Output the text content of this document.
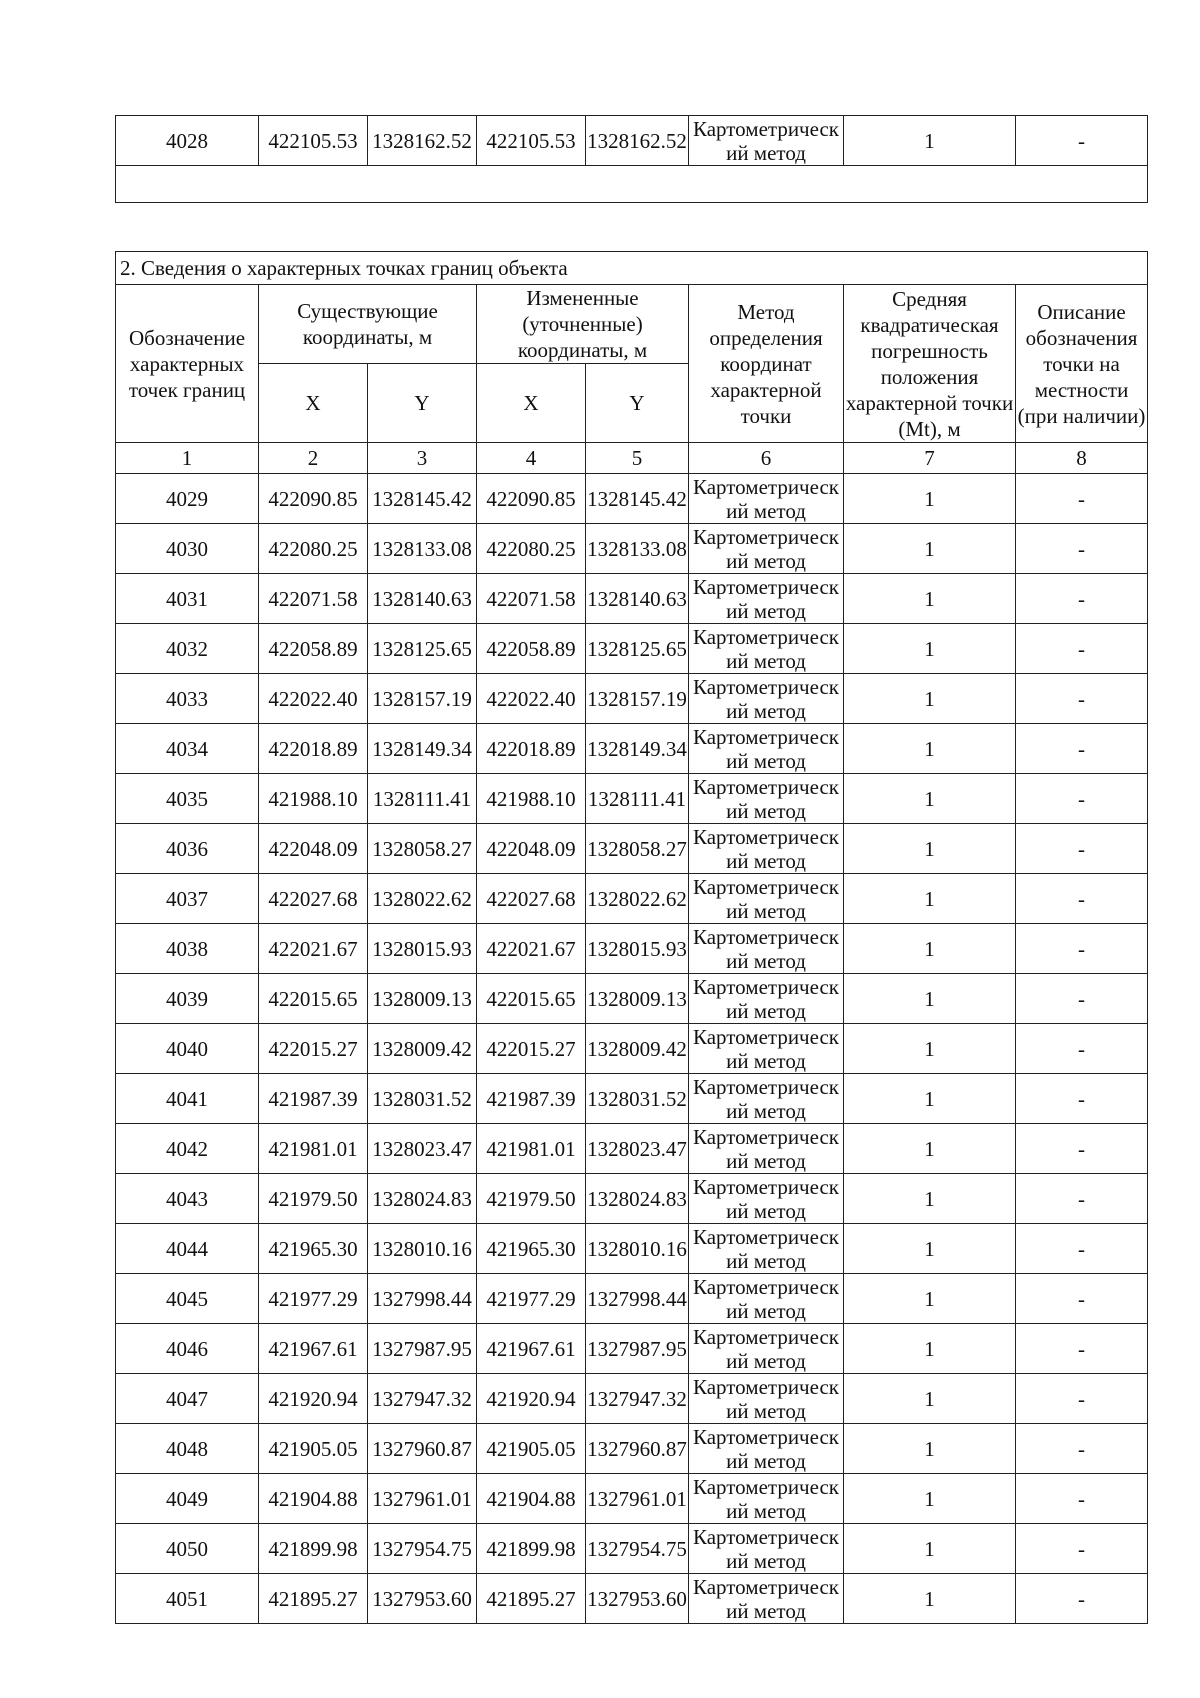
4028	422105.53	1328162.52	422105.53	1328162.52	Картометрический метод	1	-

2. Сведения о характерных точках границ объекта							
Обозначение характерных точек границ	Существующие координаты, м		Измененные (уточненные) координаты, м		Метод определения координат характерной точки	Средняя квадратическая погрешность положения характерной точки (Mt), м	Описание обозначения точки на местности (при наличии)
	X	Y	X	Y			
1	2	3	4	5	6	7	8
4029	422090.85	1328145.42	422090.85	1328145.42	Картометрический метод	1	-
4030	422080.25	1328133.08	422080.25	1328133.08	Картометрический метод	1	-
4031	422071.58	1328140.63	422071.58	1328140.63	Картометрический метод	1	-
4032	422058.89	1328125.65	422058.89	1328125.65	Картометрический метод	1	-
4033	422022.40	1328157.19	422022.40	1328157.19	Картометрический метод	1	-
4034	422018.89	1328149.34	422018.89	1328149.34	Картометрический метод	1	-
4035	421988.10	1328111.41	421988.10	1328111.41	Картометрический метод	1	-
4036	422048.09	1328058.27	422048.09	1328058.27	Картометрический метод	1	-
4037	422027.68	1328022.62	422027.68	1328022.62	Картометрический метод	1	-
4038	422021.67	1328015.93	422021.67	1328015.93	Картометрический метод	1	-
4039	422015.65	1328009.13	422015.65	1328009.13	Картометрический метод	1	-
4040	422015.27	1328009.42	422015.27	1328009.42	Картометрический метод	1	-
4041	421987.39	1328031.52	421987.39	1328031.52	Картометрический метод	1	-
4042	421981.01	1328023.47	421981.01	1328023.47	Картометрический метод	1	-
4043	421979.50	1328024.83	421979.50	1328024.83	Картометрический метод	1	-
4044	421965.30	1328010.16	421965.30	1328010.16	Картометрический метод	1	-
4045	421977.29	1327998.44	421977.29	1327998.44	Картометрический метод	1	-
4046	421967.61	1327987.95	421967.61	1327987.95	Картометрический метод	1	-
4047	421920.94	1327947.32	421920.94	1327947.32	Картометрический метод	1	-
4048	421905.05	1327960.87	421905.05	1327960.87	Картометрический метод	1	-
4049	421904.88	1327961.01	421904.88	1327961.01	Картометрический метод	1	-
4050	421899.98	1327954.75	421899.98	1327954.75	Картометрический метод	1	-
4051	421895.27	1327953.60	421895.27	1327953.60	Картометрический метод	1	-
